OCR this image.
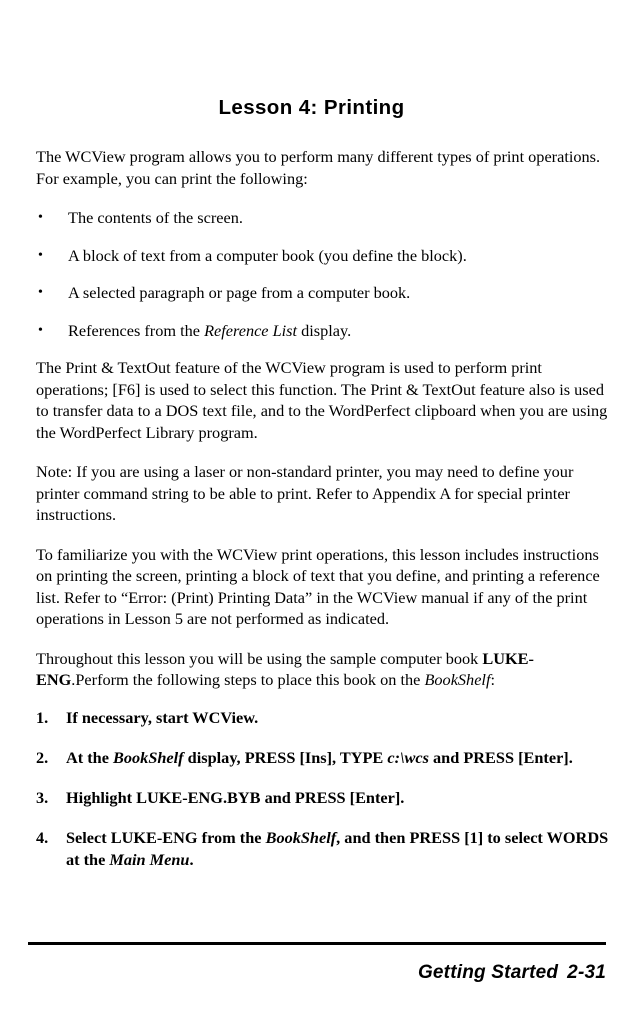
Lesson 4: Printing

The WCView program allows you to perform many different types of print operations. For example, you can print the following:

• The contents of the screen.
• A block of text from a computer book (you define the block).
• A selected paragraph or page from a computer book.
• References from the Reference List display.

The Print & TextOut feature of the WCView program is used to perform print operations; [F6] is used to select this function. The Print & TextOut feature also is used to transfer data to a DOS text file, and to the WordPerfect clipboard when you are using the WordPerfect Library program.

Note: If you are using a laser or non-standard printer, you may need to define your printer command string to be able to print. Refer to Appendix A for special printer instructions.

To familiarize you with the WCView print operations, this lesson includes instructions on printing the screen, printing a block of text that you define, and printing a reference list. Refer to “Error: (Print) Printing Data” in the WCView manual if any of the print operations in Lesson 5 are not performed as indicated.

Throughout this lesson you will be using the sample computer book LUKE-ENG.Perform the following steps to place this book on the BookShelf:

1. If necessary, start WCView.
2. At the BookShelf display, PRESS [Ins], TYPE c:\wcs and PRESS [Enter].
3. Highlight LUKE-ENG.BYB and PRESS [Enter].
4. Select LUKE-ENG from the BookShelf, and then PRESS [1] to select WORDS at the Main Menu.
Getting Started 2-31
